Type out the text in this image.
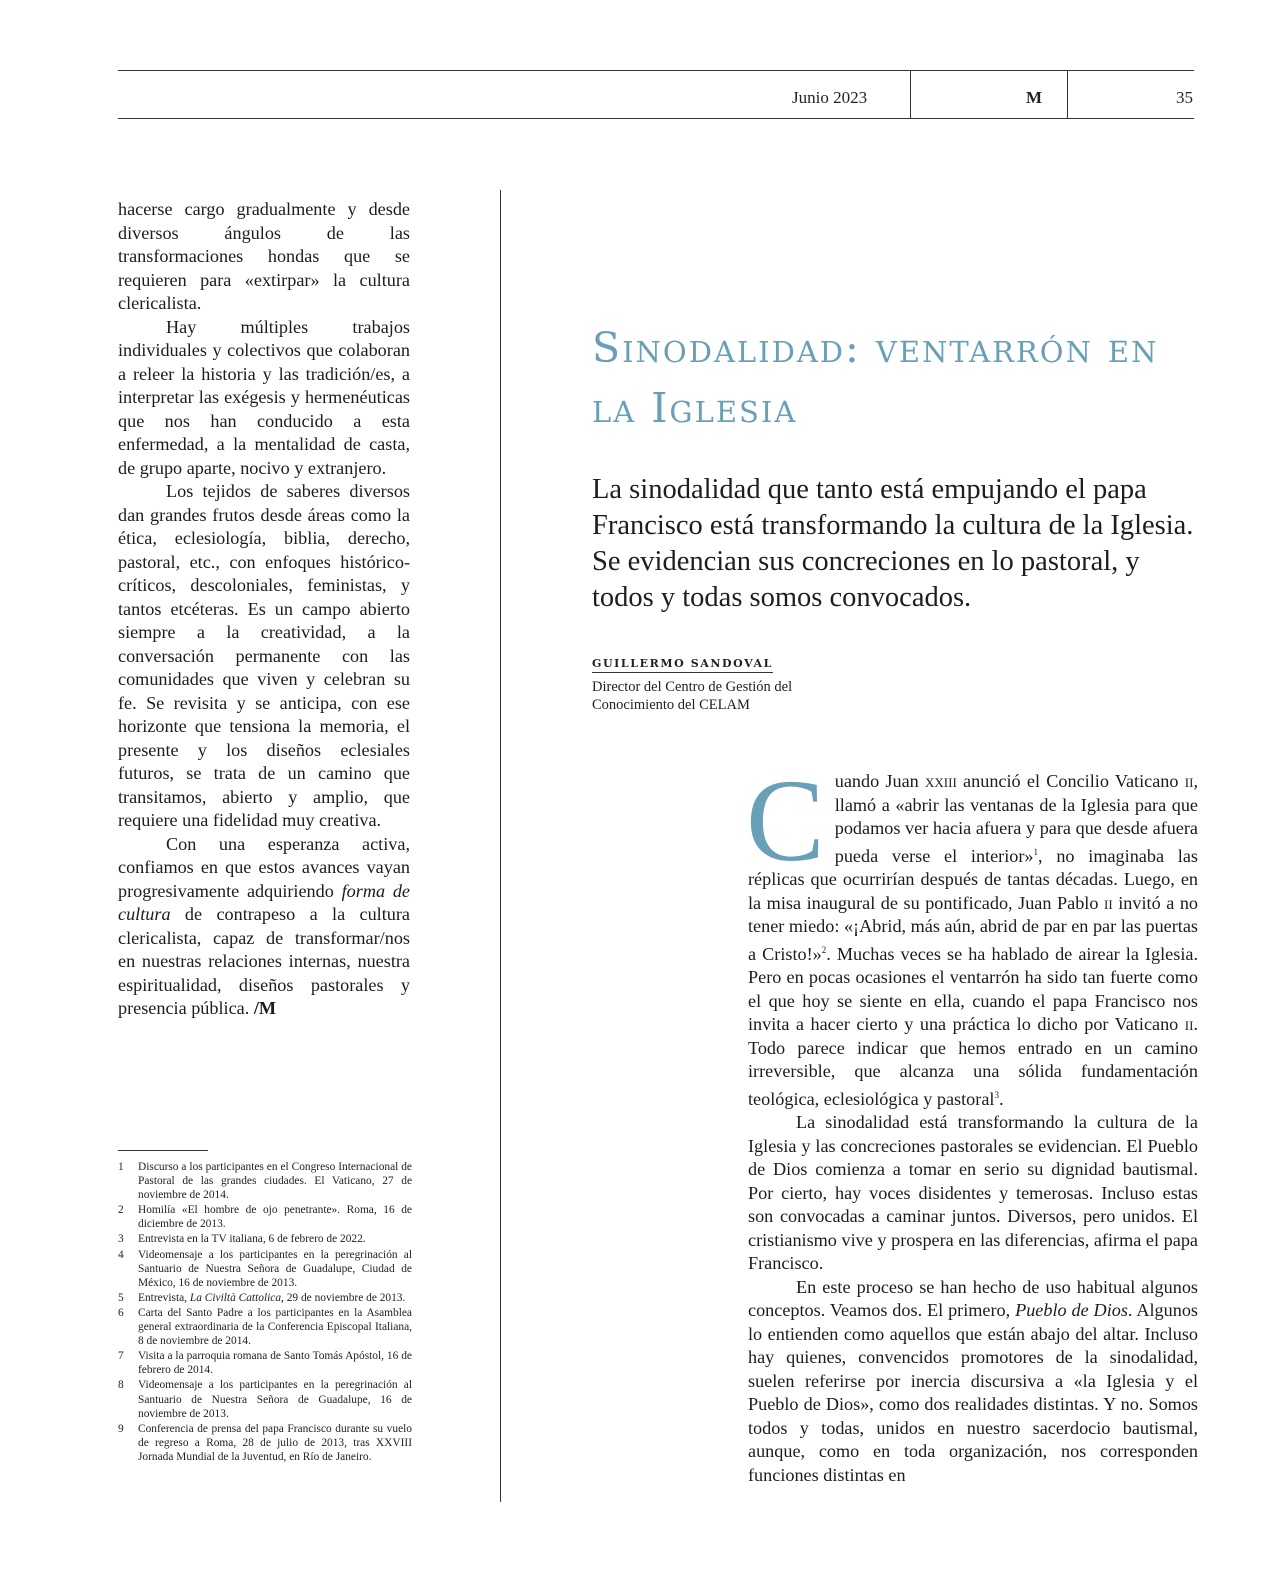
Junio 2023	M	35

hacerse cargo gradualmente y desde diversos ángulos de las transformaciones hondas que se requieren para «extirpar» la cultura clericalista.

Hay múltiples trabajos individuales y colectivos que colaboran a releer la historia y las tradición/es, a interpretar las exégesis y hermenéuticas que nos han conducido a esta enfermedad, a la mentalidad de casta, de grupo aparte, nocivo y extranjero.

Los tejidos de saberes diversos dan grandes frutos desde áreas como la ética, eclesiología, biblia, derecho, pastoral, etc., con enfoques histórico-críticos, descoloniales, feministas, y tantos etcéteras. Es un campo abierto siempre a la creatividad, a la conversación permanente con las comunidades que viven y celebran su fe. Se revisita y se anticipa, con ese horizonte que tensiona la memoria, el presente y los diseños eclesiales futuros, se trata de un camino que transitamos, abierto y amplio, que requiere una fidelidad muy creativa.

Con una esperanza activa, confiamos en que estos avances vayan progresivamente adquiriendo forma de cultura de contrapeso a la cultura clericalista, capaz de transformar/nos en nuestras relaciones internas, nuestra espiritualidad, diseños pastorales y presencia pública. /M

Sinodalidad: ventarrón en la Iglesia

La sinodalidad que tanto está empujando el papa Francisco está transformando la cultura de la Iglesia. Se evidencian sus concreciones en lo pastoral, y todos y todas somos convocados.

GUILLERMO SANDOVAL
Director del Centro de Gestión del Conocimiento del CELAM

Cuando Juan xxiii anunció el Concilio Vaticano ii, llamó a «abrir las ventanas de la Iglesia para que podamos ver hacia afuera y para que desde afuera pueda verse el interior»$^1$, no imaginaba las réplicas que ocurrirían después de tantas décadas. Luego, en la misa inaugural de su pontificado, Juan Pablo ii invitó a no tener miedo: «¡Abrid, más aún, abrid de par en par las puertas a Cristo!»$^2$. Muchas veces se ha hablado de airear la Iglesia. Pero en pocas ocasiones el ventarrón ha sido tan fuerte como el que hoy se siente en ella, cuando el papa Francisco nos invita a hacer cierto y una práctica lo dicho por Vaticano ii. Todo parece indicar que hemos entrado en un camino irreversible, que alcanza una sólida fundamentación teológica, eclesiológica y pastoral$^3$.

La sinodalidad está transformando la cultura de la Iglesia y las concreciones pastorales se evidencian. El Pueblo de Dios comienza a tomar en serio su dignidad bautismal. Por cierto, hay voces disidentes y temerosas. Incluso estas son convocadas a caminar juntos. Diversos, pero unidos. El cristianismo vive y prospera en las diferencias, afirma el papa Francisco.

En este proceso se han hecho de uso habitual algunos conceptos. Veamos dos. El primero, Pueblo de Dios. Algunos lo entienden como aquellos que están abajo del altar. Incluso hay quienes, convencidos promotores de la sinodalidad, suelen referirse por inercia discursiva a «la Iglesia y el Pueblo de Dios», como dos realidades distintas. Y no. Somos todos y todas, unidos en nuestro sacerdocio bautismal, aunque, como en toda organización, nos corresponden funciones distintas en

1	Discurso a los participantes en el Congreso Internacional de Pastoral de las grandes ciudades. El Vaticano, 27 de noviembre de 2014.
2	Homilía «El hombre de ojo penetrante». Roma, 16 de diciembre de 2013.
3	Entrevista en la TV italiana, 6 de febrero de 2022.
4	Videomensaje a los participantes en la peregrinación al Santuario de Nuestra Señora de Guadalupe, Ciudad de México, 16 de noviembre de 2013.
5	Entrevista, La Civiltà Cattolica, 29 de noviembre de 2013.
6	Carta del Santo Padre a los participantes en la Asamblea general extraordinaria de la Conferencia Episcopal Italiana, 8 de noviembre de 2014.
7	Visita a la parroquia romana de Santo Tomás Apóstol, 16 de febrero de 2014.
8	Videomensaje a los participantes en la peregrinación al Santuario de Nuestra Señora de Guadalupe, 16 de noviembre de 2013.
9	Conferencia de prensa del papa Francisco durante su vuelo de regreso a Roma, 28 de julio de 2013, tras XXVIII Jornada Mundial de la Juventud, en Río de Janeiro.
